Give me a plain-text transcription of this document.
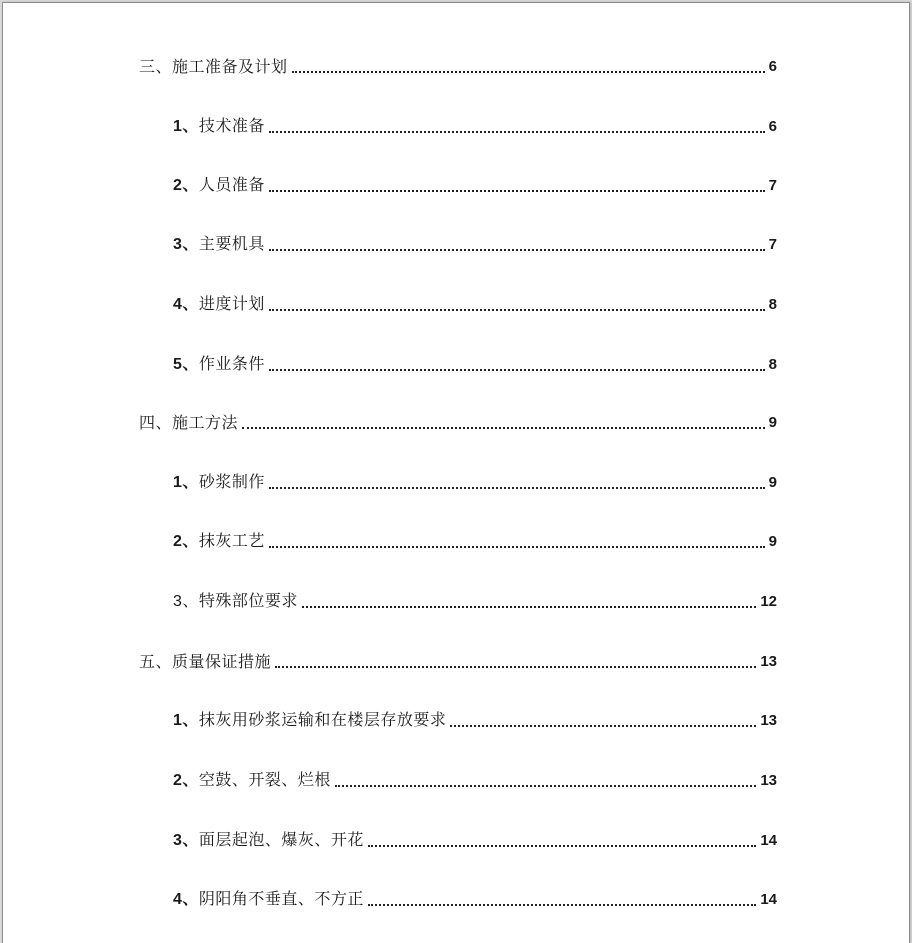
三、施工准备及计划	6
1、技术准备	6
2、人员准备	7
3、主要机具	7
4、进度计划	8
5、作业条件	8
四、施工方法	9
1、砂浆制作	9
2、抹灰工艺	9
3、特殊部位要求	12
五、质量保证措施	13
1、抹灰用砂浆运输和在楼层存放要求	13
2、空鼓、开裂、烂根	13
3、面层起泡、爆灰、开花	14
4、阴阳角不垂直、不方正	14
